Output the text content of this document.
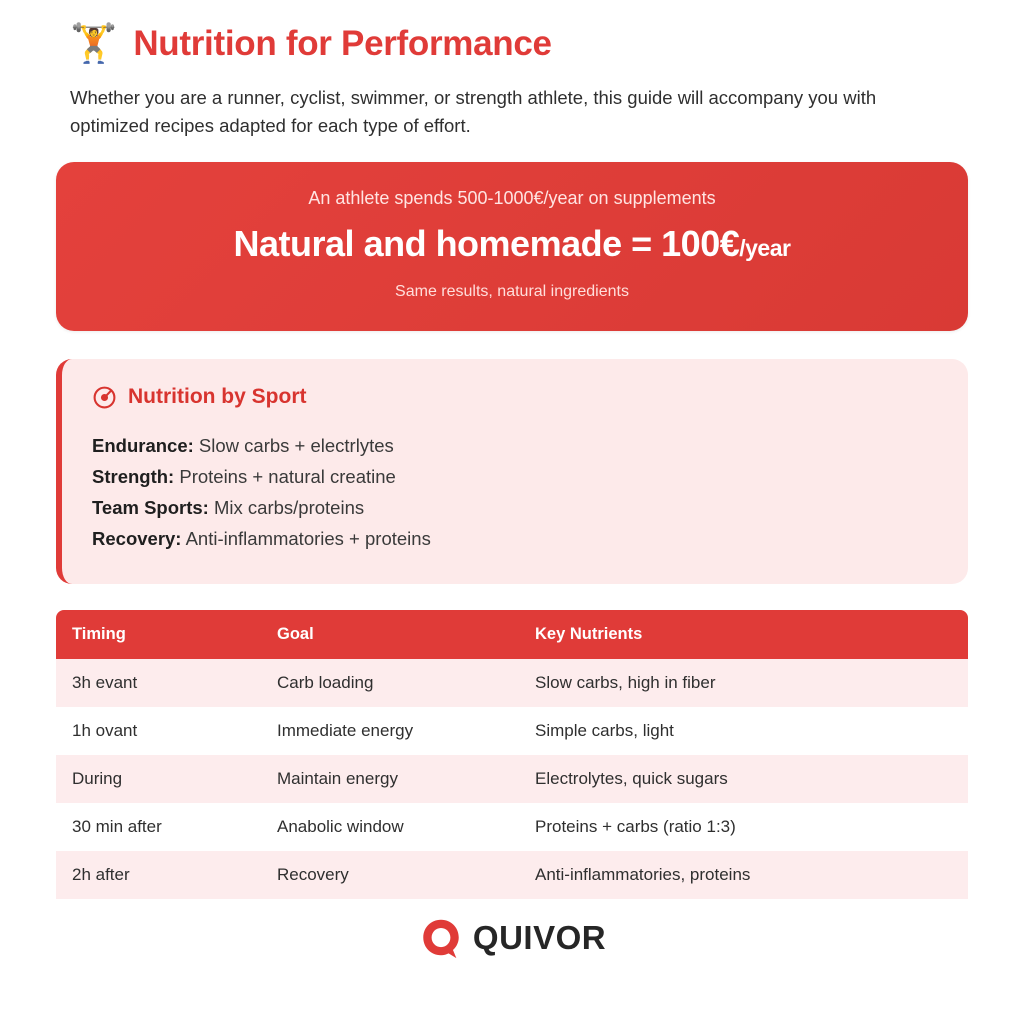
🏋️ Nutrition for Performance

Whether you are a runner, cyclist, swimmer, or strength athlete, this guide will accompany you with optimized recipes adapted for each type of effort.

An athlete spends 500-1000€/year on supplements
Natural and homemade = 100€/year
Same results, natural ingredients
Nutrition by Sport
Endurance: Slow carbs + electrlytes
Strength: Proteins + natural creatine
Team Sports: Mix carbs/proteins
Recovery: Anti-inflammatories + proteins
Timing	Goal	Key Nutrients
3h evant	Carb loading	Slow carbs, high in fiber
1h ovant	Immediate energy	Simple carbs, light
During	Maintain energy	Electrolytes, quick sugars
30 min after	Anabolic window	Proteins + carbs (ratio 1:3)
2h after	Recovery	Anti-inflammatories, proteins
QUIVOR
